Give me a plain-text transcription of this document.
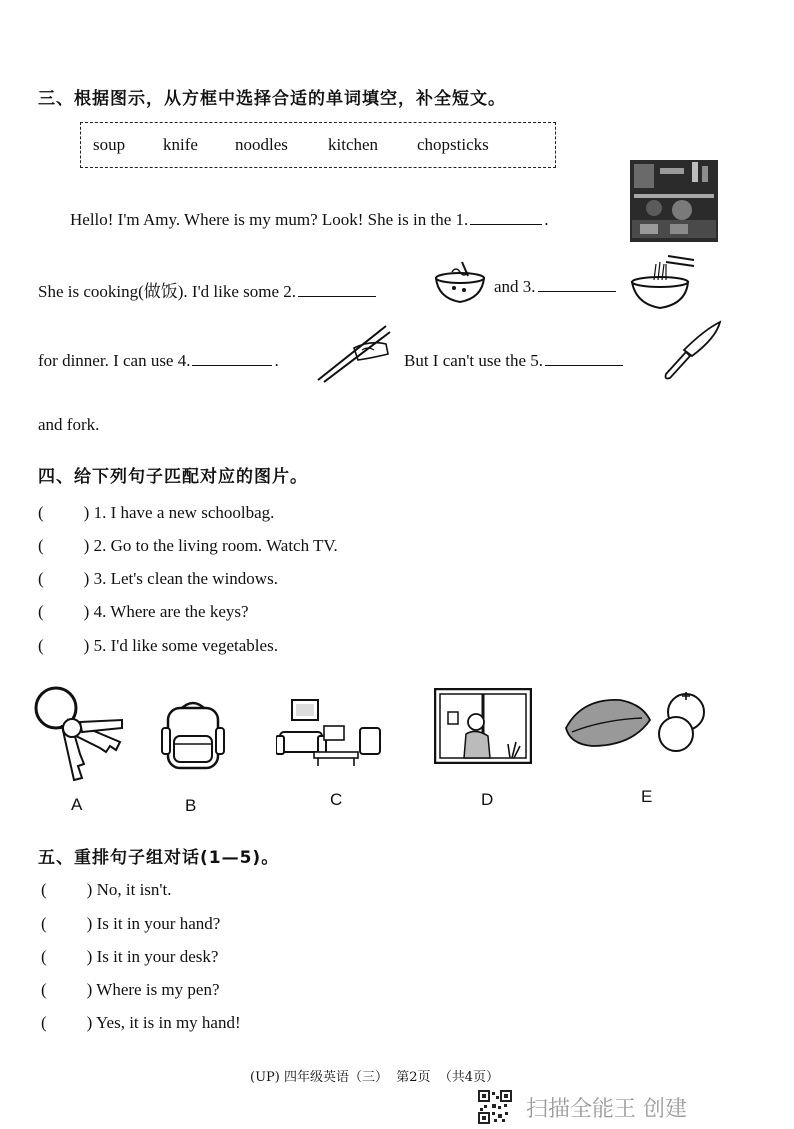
三、根据图示，从方框中选择合适的单词填空，补全短文。
soup knife noodles kitchen chopsticks
Hello! I'm Amy. Where is my mum? Look! She is in the 1.	.
She is cooking(做饭). I'd like some 2.	and 3.
for dinner. I can use 4.	.	But I can't use the 5.
and fork.
四、给下列句子匹配对应的图片。
( ) 1. I have a new schoolbag.
( ) 2. Go to the living room. Watch TV.
( ) 3. Let's clean the windows.
( ) 4. Where are the keys?
( ) 5. I'd like some vegetables.
A	B	C	D	E
五、重排句子组对话(1—5)。
( ) No, it isn't.
( ) Is it in your hand?
( ) Is it in your desk?
( ) Where is my pen?
( ) Yes, it is in my hand!
(UP) 四年级英语（三）  第2页  （共4页）
扫描全能王 创建
